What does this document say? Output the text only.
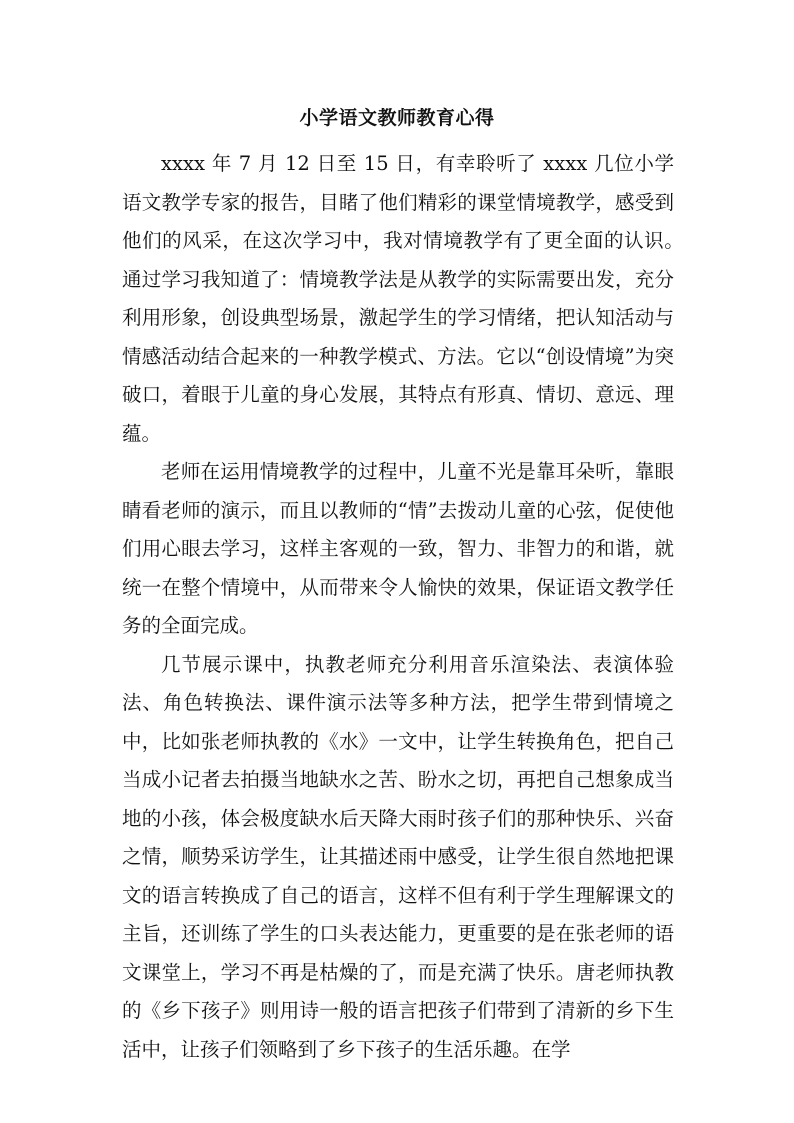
小学语文教师教育心得

xxxx 年 7 月 12 日至 15 日，有幸聆听了 xxxx 几位小学语文教学专家的报告，目睹了他们精彩的课堂情境教学，感受到他们的风采，在这次学习中，我对情境教学有了更全面的认识。　　通过学习我知道了：情境教学法是从教学的实际需要出发，充分利用形象，创设典型场景，激起学生的学习情绪，把认知活动与情感活动结合起来的一种教学模式、方法。它以“创设情境”为突破口，着眼于儿童的身心发展，其特点有形真、情切、意远、理蕴。

老师在运用情境教学的过程中，儿童不光是靠耳朵听，靠眼睛看老师的演示，而且以教师的“情”去拨动儿童的心弦，促使他们用心眼去学习，这样主客观的一致，智力、非智力的和谐，就统一在整个情境中，从而带来令人愉快的效果，保证语文教学任务的全面完成。

几节展示课中，执教老师充分利用音乐渲染法、表演体验法、角色转换法、课件演示法等多种方法，把学生带到情境之中，比如张老师执教的《水》一文中，让学生转换角色，把自己当成小记者去拍摄当地缺水之苦、盼水之切，再把自己想象成当地的小孩，体会极度缺水后天降大雨时孩子们的那种快乐、兴奋之情，顺势采访学生，让其描述雨中感受，让学生很自然地把课文的语言转换成了自己的语言，这样不但有利于学生理解课文的主旨，还训练了学生的口头表达能力，更重要的是在张老师的语文课堂上，学习不再是枯燥的了，而是充满了快乐。唐老师执教的《乡下孩子》则用诗一般的语言把孩子们带到了清新的乡下生活中，让孩子们领略到了乡下孩子的生活乐趣。在学
